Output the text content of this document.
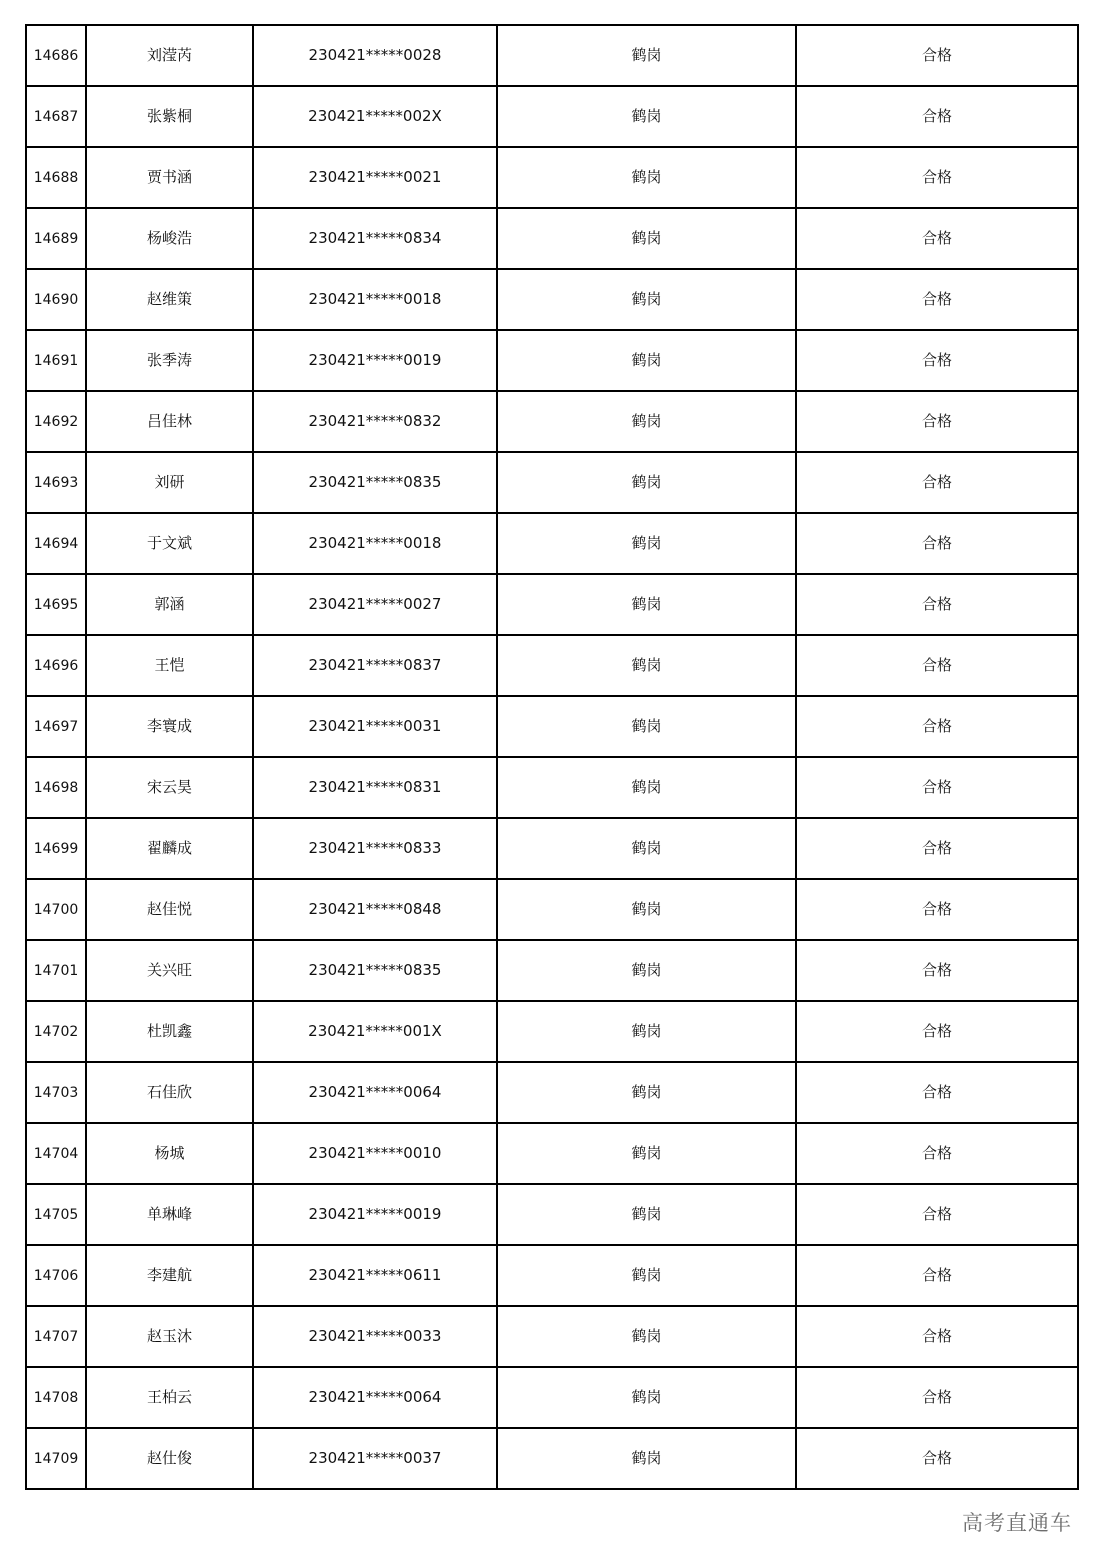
14686	刘滢芮	230421*****0028	鹤岗	合格
14687	张紫桐	230421*****002X	鹤岗	合格
14688	贾书涵	230421*****0021	鹤岗	合格
14689	杨峻浩	230421*****0834	鹤岗	合格
14690	赵维策	230421*****0018	鹤岗	合格
14691	张季涛	230421*****0019	鹤岗	合格
14692	吕佳林	230421*****0832	鹤岗	合格
14693	刘研	230421*****0835	鹤岗	合格
14694	于文斌	230421*****0018	鹤岗	合格
14695	郭涵	230421*****0027	鹤岗	合格
14696	王恺	230421*****0837	鹤岗	合格
14697	李寰成	230421*****0031	鹤岗	合格
14698	宋云昊	230421*****0831	鹤岗	合格
14699	翟麟成	230421*****0833	鹤岗	合格
14700	赵佳悦	230421*****0848	鹤岗	合格
14701	关兴旺	230421*****0835	鹤岗	合格
14702	杜凯鑫	230421*****001X	鹤岗	合格
14703	石佳欣	230421*****0064	鹤岗	合格
14704	杨城	230421*****0010	鹤岗	合格
14705	单琳峰	230421*****0019	鹤岗	合格
14706	李建航	230421*****0611	鹤岗	合格
14707	赵玉沐	230421*****0033	鹤岗	合格
14708	王柏云	230421*****0064	鹤岗	合格
14709	赵仕俊	230421*****0037	鹤岗	合格
高考直通车
